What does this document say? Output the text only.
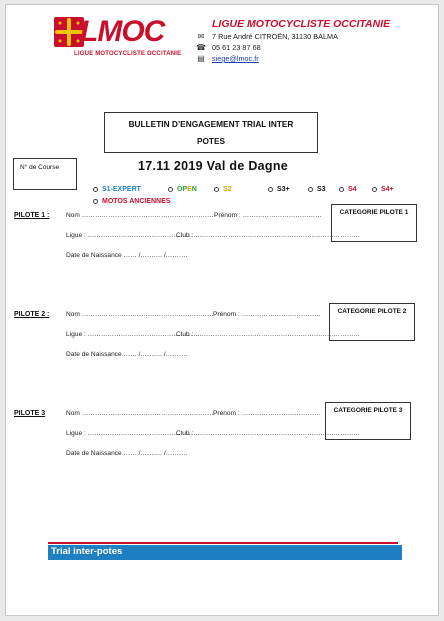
LMOC
LIGUE MOTOCYCLISTE OCCITANIE
LIGUE MOTOCYCLISTE OCCITANIE
✉ 7 Rue André CITROËN, 31130 BALMA
☎ 05 61 23 87 68
▤ siege@lmoc.fr
BULLETIN D’ENGAGEMENT TRIAL INTER
POTES
N° de Course	17.11 2019 Val de Dagne
S1-EXPERT	OPEN	S2	S3+	S3	S4	S4+
MOTOS ANCIENNES
PILOTE 1 :	Nom …………………………………………………… Prénom : ………………………………	CATEGORIE PILOTE 1
Ligue : ……………………………………………
Club : …………………………………………………………………
Date de Naissance …… /………. /……….
PILOTE 2 :	Nom …………………………………………………… Prénom : ………………………………	CATEGORIE PILOTE 2
Ligue : ……………………………………………
Club : …………………………………………………………………
Date de Naissance …… /………. /……….
PILOTE 3	Nom …………………………………………………… Prénom : ………………………………	CATEGORIE PILOTE 3
Ligue : ……………………………………………
Club : …………………………………………………………………
Date de Naissance …… /………. /……….
Trial inter-potes
